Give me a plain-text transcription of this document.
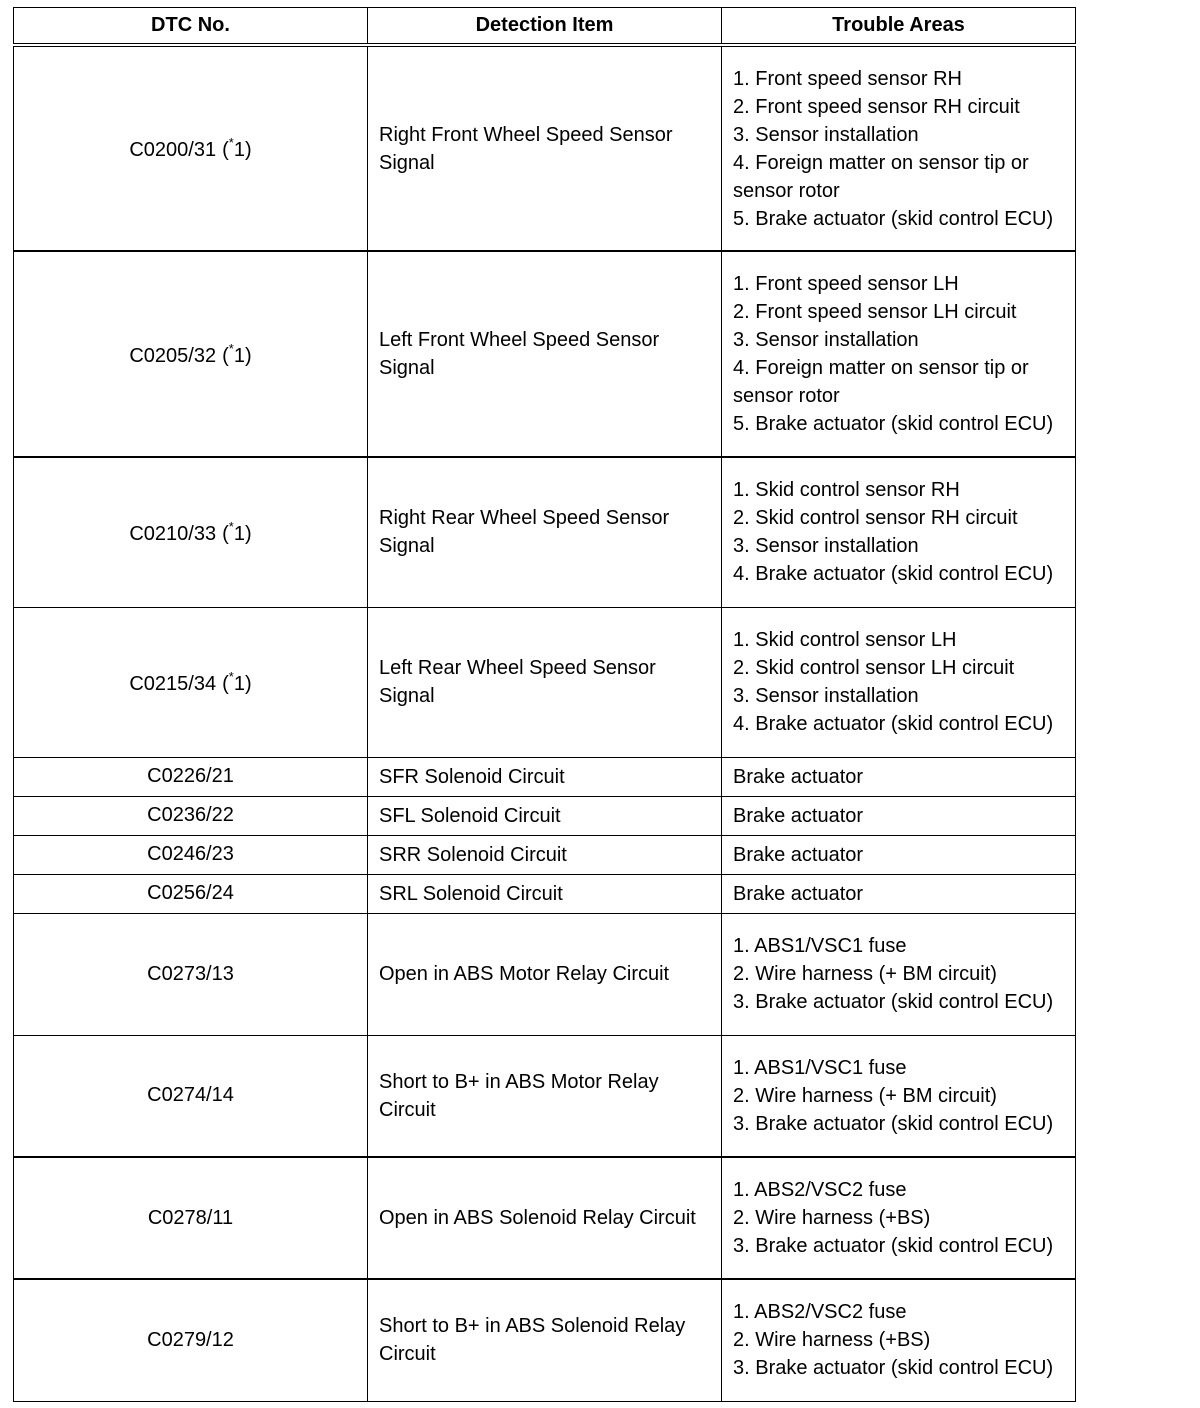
DTC No.	Detection Item	Trouble Areas
C0200/31 (*1)	Right Front Wheel Speed Sensor Signal	1. Front speed sensor RH
2. Front speed sensor RH circuit
3. Sensor installation
4. Foreign matter on sensor tip or sensor rotor
5. Brake actuator (skid control ECU)

C0205/32 (*1)	Left Front Wheel Speed Sensor Signal	1. Front speed sensor LH
2. Front speed sensor LH circuit
3. Sensor installation
4. Foreign matter on sensor tip or sensor rotor
5. Brake actuator (skid control ECU)

C0210/33 (*1)	Right Rear Wheel Speed Sensor Signal	1. Skid control sensor RH
2. Skid control sensor RH circuit
3. Sensor installation
4. Brake actuator (skid control ECU)

C0215/34 (*1)	Left Rear Wheel Speed Sensor Signal	1. Skid control sensor LH
2. Skid control sensor LH circuit
3. Sensor installation
4. Brake actuator (skid control ECU)

C0226/21	SFR Solenoid Circuit	Brake actuator

C0236/22	SFL Solenoid Circuit	Brake actuator

C0246/23	SRR Solenoid Circuit	Brake actuator

C0256/24	SRL Solenoid Circuit	Brake actuator

C0273/13	Open in ABS Motor Relay Circuit	1. ABS1/VSC1 fuse
2. Wire harness (+ BM circuit)
3. Brake actuator (skid control ECU)

C0274/14	Short to B+ in ABS Motor Relay Circuit	1. ABS1/VSC1 fuse
2. Wire harness (+ BM circuit)
3. Brake actuator (skid control ECU)

C0278/11	Open in ABS Solenoid Relay Circuit	1. ABS2/VSC2 fuse
2. Wire harness (+BS)
3. Brake actuator (skid control ECU)

C0279/12	Short to B+ in ABS Solenoid Relay Circuit	1. ABS2/VSC2 fuse
2. Wire harness (+BS)
3. Brake actuator (skid control ECU)
